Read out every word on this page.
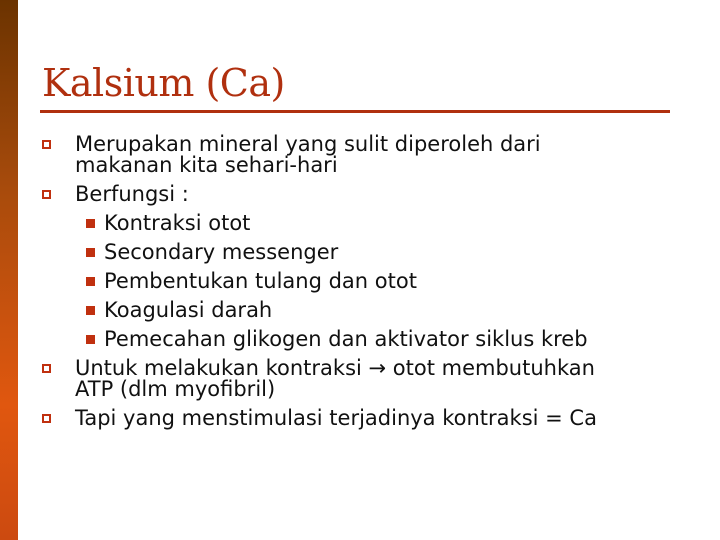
Kalsium (Ca)

Merupakan mineral yang sulit diperoleh dari

makanan kita sehari-hari

Berfungsi :

Kontraksi otot

Secondary messenger

Pembentukan tulang dan otot

Koagulasi darah

Pemecahan glikogen dan aktivator siklus kreb

Untuk melakukan kontraksi → otot membutuhkan

ATP (dlm myofibril)

Tapi yang menstimulasi terjadinya kontraksi = Ca
